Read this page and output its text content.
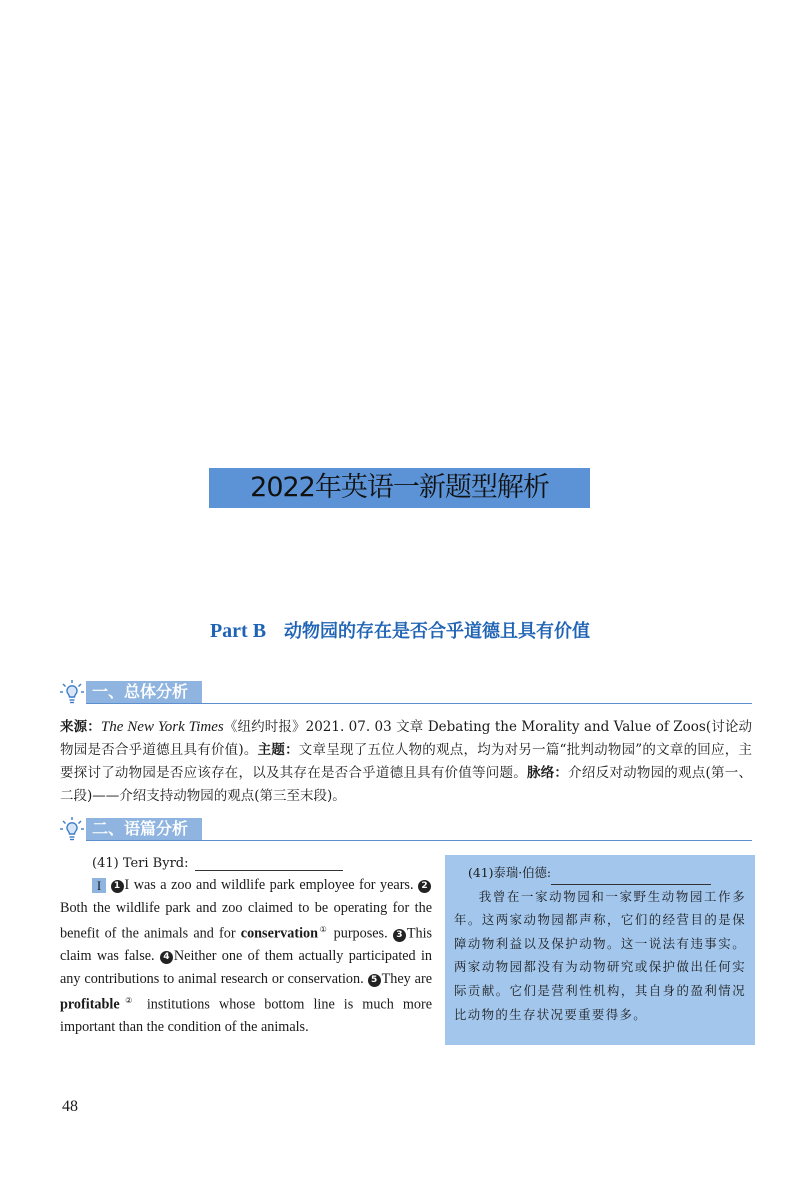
2022年英语一新题型解析
Part B 动物园的存在是否合乎道德且具有价值
一、总体分析
来源：The New York Times《纽约时报》2021. 07. 03 文章 Debating the Morality and Value of Zoos(讨论动物园是否合乎道德且具有价值)。主题：文章呈现了五位人物的观点，均为对另一篇“批判动物园”的文章的回应，主要探讨了动物园是否应该存在，以及其存在是否合乎道德且具有价值等问题。脉络：介绍反对动物园的观点(第一、二段)——介绍支持动物园的观点(第三至末段)。
二、语篇分析
(41) Teri Byrd:
I 1 I was a zoo and wildlife park employee for years. 2Both the wildlife park and zoo claimed to be operating for the benefit of the animals and for conservation① purposes. 3 This claim was false. 4 Neither one of them actually participated in any contributions to animal research or conservation. 5 They are profitable② institutions whose bottom line is much more important than the condition of the animals.
(41)泰瑞·伯德:
我曾在一家动物园和一家野生动物园工作多年。这两家动物园都声称，它们的经营目的是保障动物利益以及保护动物。这一说法有违事实。两家动物园都没有为动物研究或保护做出任何实际贡献。它们是营利性机构，其自身的盈利情况比动物的生存状况要重要得多。
48
